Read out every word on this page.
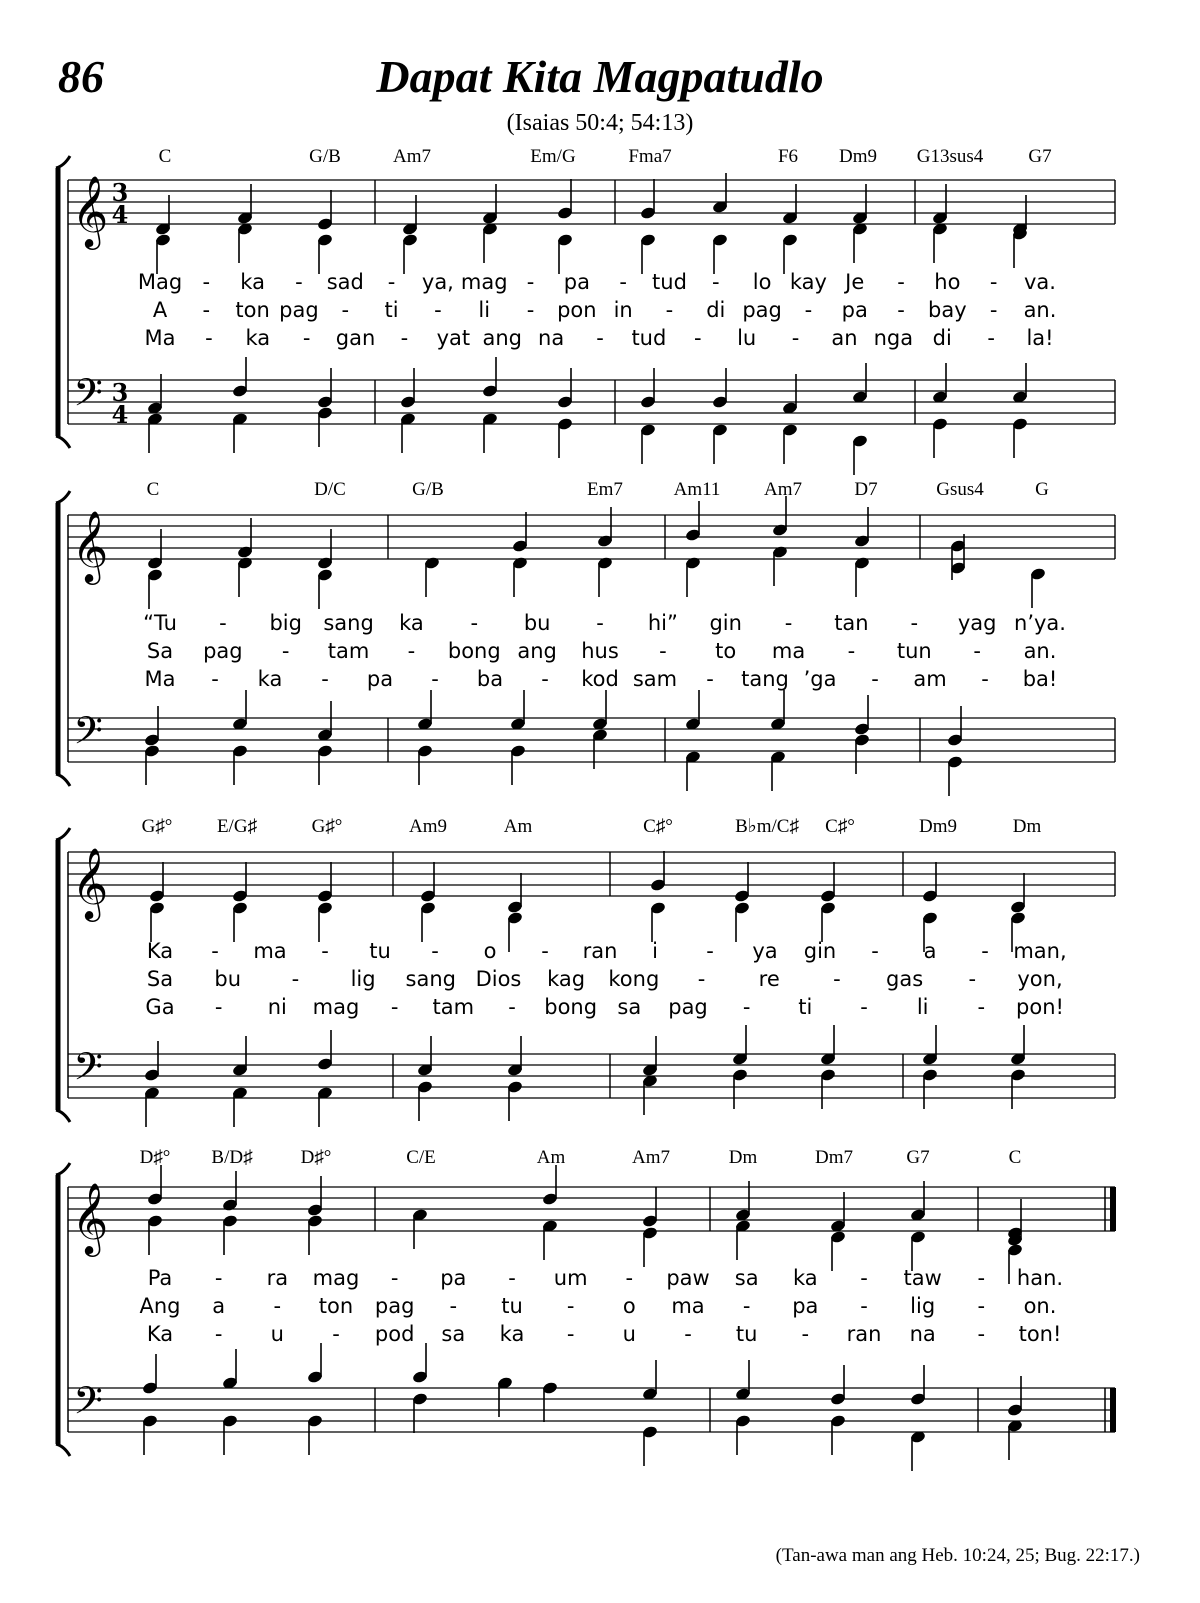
86	Dapat Kita Magpatudlo
(Isaias 50:4; 54:13)
𝄞
𝄢
3
4
3
4
C	G/B	Am7	Em/G	Fma7	F6 Dm9 G13sus4 G7
Mag - ka - sad - ya, mag - pa - tud - lo kay Je - ho - va.
A - ton pag - ti - li - pon in - di pag - pa - bay - an.
Ma - ka - gan - yat ang na - tud - lu - an nga di - la!
𝄞
𝄢
C	D/C	G/B	Em7	Am11 Am7	D7	Gsus4	G
“Tu - big sang ka - bu - hi” gin - tan - yag n’ya.
Sa pag - tam - bong ang hus - to ma - tun - an.
Ma - ka - pa - ba - kod sam - tang ’ga - am - ba!
𝄞
𝄢
G♯° E/G♯	G♯°	Am9	Am	C♯°	B♭m/C♯ C♯°	Dm9	Dm
Ka - ma - tu - o - ran i - ya gin - a - man,
Sa bu - lig sang Dios kag kong -	re	- gas - yon,
Ga - ni mag - tam - bong sa pag - ti - li - pon!
𝄞
𝄢
D♯° B/D♯	D♯°	C/E	Am	Am7	Dm	Dm7	G7	C
Pa - ra mag - pa - um - paw sa ka - taw - han.
Ang a - ton pag - tu - o ma - pa - lig - on.
Ka - u - pod sa ka - u - tu - ran na - ton!
(Tan-awa man ang Heb. 10:24, 25; Bug. 22:17.)
